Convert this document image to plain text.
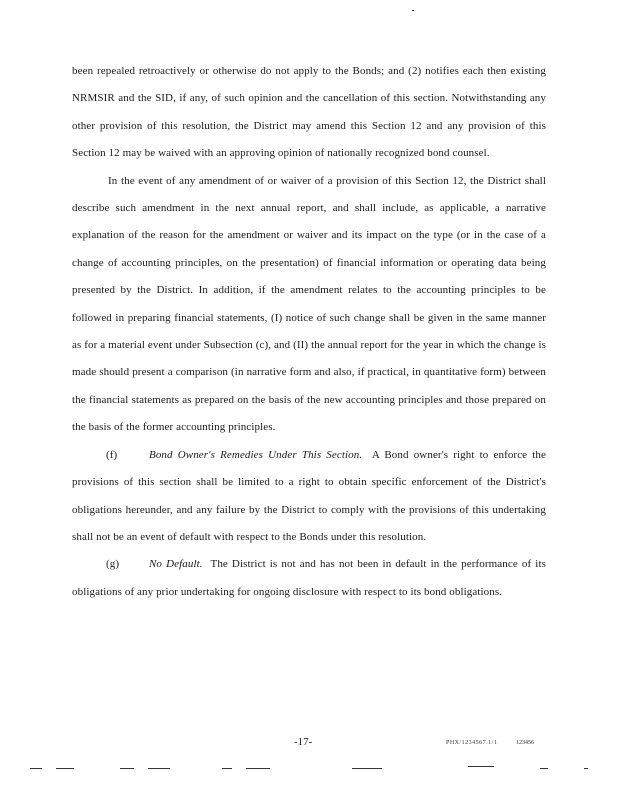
been repealed retroactively or otherwise do not apply to the Bonds; and (2) notifies each then existing NRMSIR and the SID, if any, of such opinion and the cancellation of this section. Notwithstanding any other provision of this resolution, the District may amend this Section 12 and any provision of this Section 12 may be waived with an approving opinion of nationally recognized bond counsel.

In the event of any amendment of or waiver of a provision of this Section 12, the District shall describe such amendment in the next annual report, and shall include, as applicable, a narrative explanation of the reason for the amendment or waiver and its impact on the type (or in the case of a change of accounting principles, on the presentation) of financial information or operating data being presented by the District. In addition, if the amendment relates to the accounting principles to be followed in preparing financial statements, (I) notice of such change shall be given in the same manner as for a material event under Subsection (c), and (II) the annual report for the year in which the change is made should present a comparison (in narrative form and also, if practical, in quantitative form) between the financial statements as prepared on the basis of the new accounting principles and those prepared on the basis of the former accounting principles.

(f)	Bond Owner's Remedies Under This Section. A Bond owner's right to enforce the provisions of this section shall be limited to a right to obtain specific enforcement of the District's obligations hereunder, and any failure by the District to comply with the provisions of this undertaking shall not be an event of default with respect to the Bonds under this resolution.

(g)	No Default. The District is not and has not been in default in the performance of its obligations of any prior undertaking for ongoing disclosure with respect to its bond obligations.

-17-	PHX/1234567.1/1	123456
